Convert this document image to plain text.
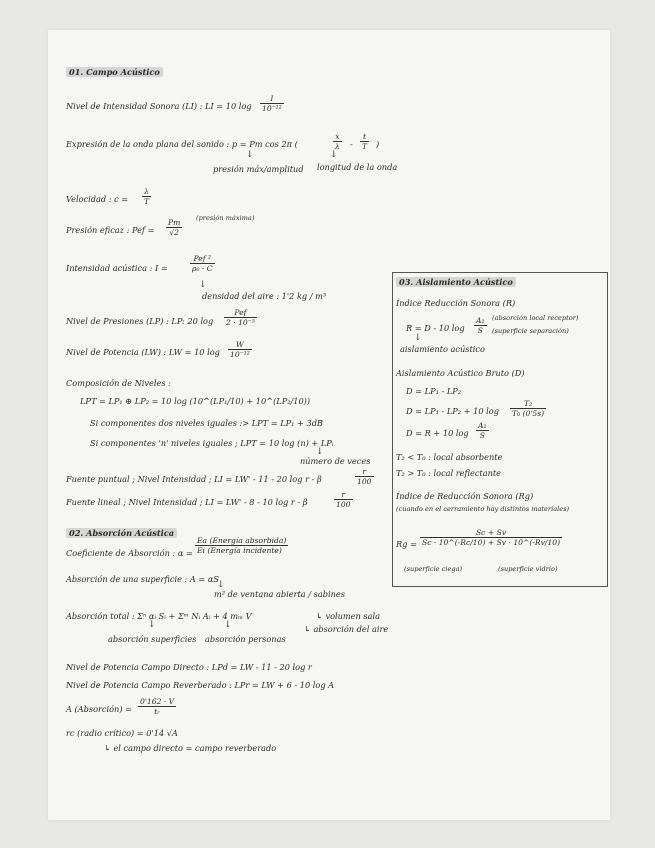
01. Campo Acústico
Nivel de Intensidad Sonora (LI) : LI = 10 $\log \frac{I}{\text{10⁻¹²}}$
Expresión de la onda plana del sonido : p = Pm cos 2π (	$\frac{x}{\lambda} - \frac{t}{T}$ )
↓	↓
presión máx/amplitud longitud de la onda
Velocidad : $c = \frac{\lambda}{T}$
Presión eficaz : Pef = $\frac{Pm}{√2}$ (presión máxima)
Intensidad acústica : I =
Pef ²
ρ₀ · C
↓
densidad del aire : 1'2 kg / m³
Nivel de Presiones (LP) : LP: 20 log
Pef
2 · 10⁻⁵
Nivel de Potencia (LW) : LW = 10 $\log \frac{W}{\text{10⁻¹²}}$
Composición de Niveles :
LPT = LP₁ ⊕ LP₂ = 10 log (10^(LP₁/10) + 10^(LP₂/10))
Si componentes dos niveles iguales :> LPT = LP₁ + 3dB
Si componentes 'n' niveles iguales ; LPT = 10 log (n) + LPᵢ
↓
número de veces
Fuente puntual ; Nivel Intensidad ; LI = LW' - 11 - 20 log r - β	$\frac{r}{100}$
Fuente lineal ; Nivel Intensidad ; LI = LW' - 8 - 10 log r - β	$\frac{r}{100}$
02. Absorción Acústica
Coeficiente de Absorción : α =
Ea (Energía absorbida)
Ei (Energía incidente)
Absorción de una superficie : A = αS
↓
m² de ventana abierta / sabines
Absorción total : Σⁿ αᵢ Sᵢ + Σᵐ Nᵢ Aᵢ + 4 mₘ V
↓	↓
absorción superficies absorción personas
↳ volumen sala
↳ absorción del aire
Nivel de Potencia Campo Directo : LPd = LW - 11 - 20 log r
Nivel de Potencia Campo Reverberado : LPr = LW + 6 - 10 log A
A (Absorción) = $\frac{0'162 \cdot V}{\text{tᵣ}}$
rc (radio crítico) = 0'14 √A
↳ el campo directo = campo reverberado
03. Aislamiento Acústico
Índice Reducción Sonora (R)
R = D - 10 $\log \frac{\text{A₂}}{S}$ (absorción local receptor)
(superficie separación)
↓
aislamiento acústico
Aislamiento Acústico Bruto (D)
D = LP₁ - LP₂
D = LP₁ - LP₂ + 10 $\log \frac{\text{T₂}}{\text{T₀ (0'5s)}}$
D = R + 10 $\log \frac{\text{A₂}}{S}$
T₂ < T₀ : local absorbente
T₂ > T₀ : local reflectante
Índice de Reducción Sonora (Rg)
(cuando en el cerramiento hay distintos materiales)
$Rg = \frac{Sc + Sv}{Sc \cdot 10\^{}(-Rc/10) + Sv \cdot 10\^{}(-Rv/10)}$
(superficie ciega)	(superficie vidrio)
